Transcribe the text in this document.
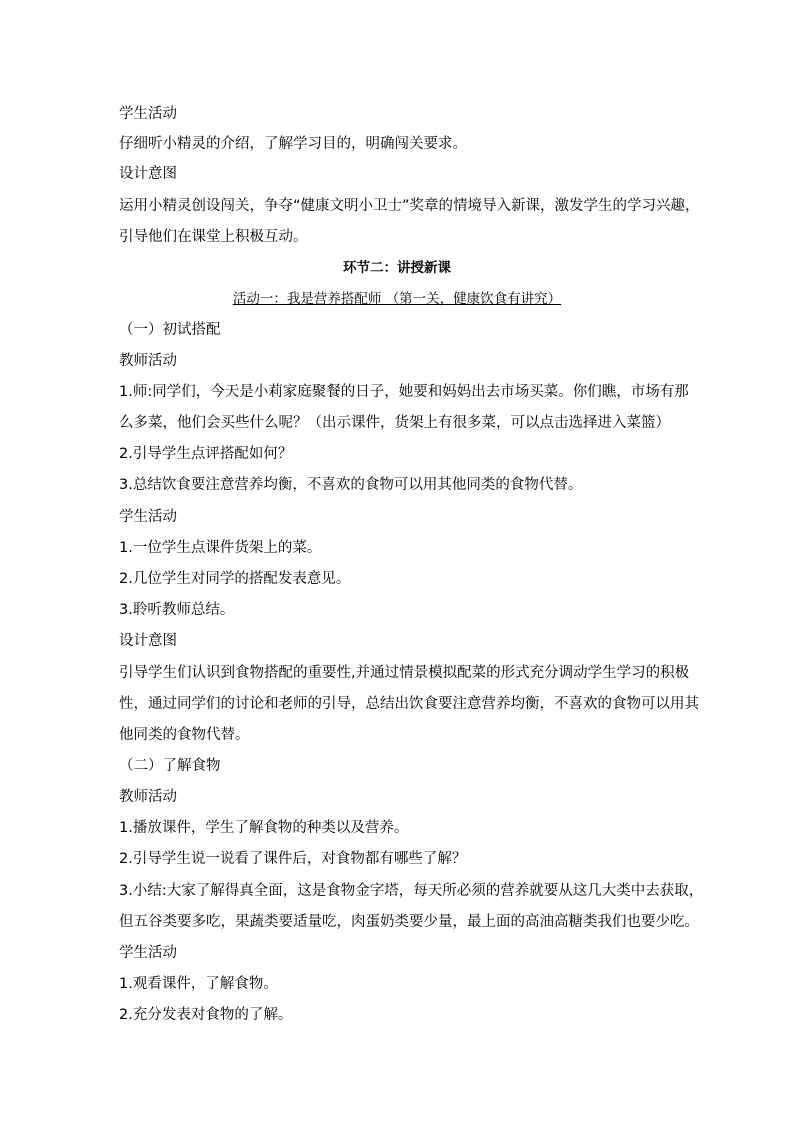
学生活动
仔细听小精灵的介绍，了解学习目的，明确闯关要求。
设计意图
运用小精灵创设闯关，争夺“健康文明小卫士”奖章的情境导入新课，激发学生的学习兴趣，
引导他们在课堂上积极互动。
环节二：讲授新课
活动一：我是营养搭配师 （第一关，健康饮食有讲究）
（一）初试搭配
教师活动
1.师:同学们，今天是小莉家庭聚餐的日子，她要和妈妈出去市场买菜。你们瞧，市场有那
么多菜，他们会买些什么呢？（出示课件，货架上有很多菜，可以点击选择进入菜篮）
2.引导学生点评搭配如何？
3.总结饮食要注意营养均衡，不喜欢的食物可以用其他同类的食物代替。
学生活动
1.一位学生点课件货架上的菜。
2.几位学生对同学的搭配发表意见。
3.聆听教师总结。
设计意图
引导学生们认识到食物搭配的重要性,并通过情景模拟配菜的形式充分调动学生学习的积极
性，通过同学们的讨论和老师的引导，总结出饮食要注意营养均衡，不喜欢的食物可以用其
他同类的食物代替。
（二）了解食物
教师活动
1.播放课件，学生了解食物的种类以及营养。
2.引导学生说一说看了课件后，对食物都有哪些了解？
3.小结:大家了解得真全面，这是食物金字塔，每天所必须的营养就要从这几大类中去获取，
但五谷类要多吃，果蔬类要适量吃，肉蛋奶类要少量，最上面的高油高糖类我们也要少吃。
学生活动
1.观看课件，了解食物。
2.充分发表对食物的了解。
